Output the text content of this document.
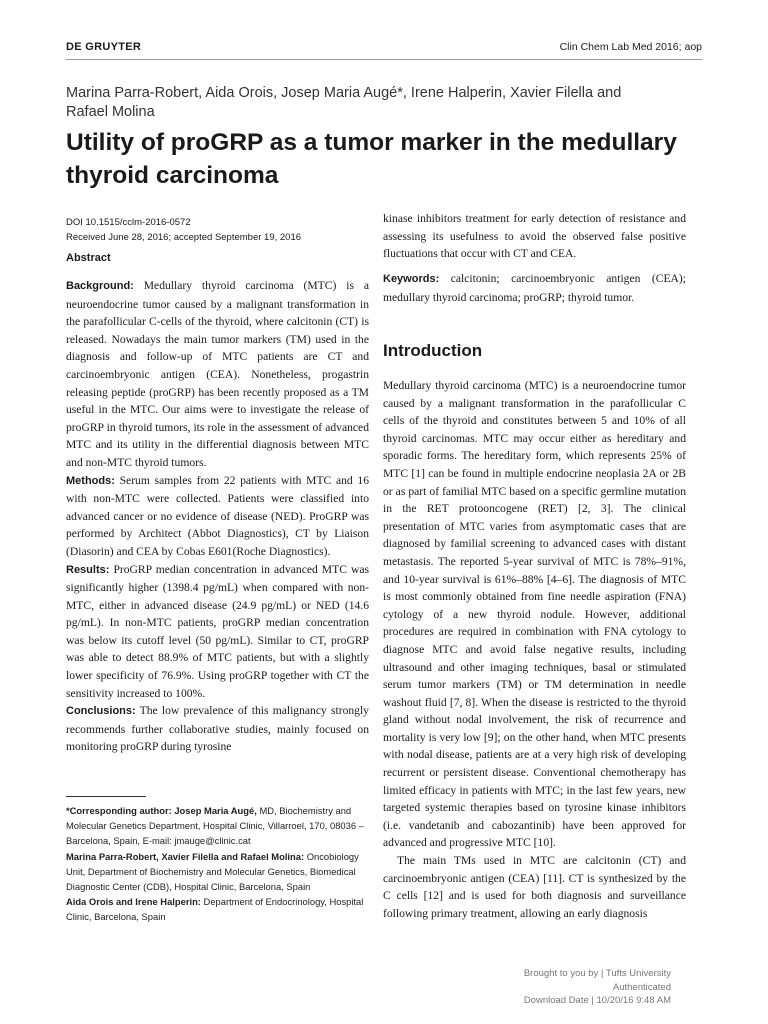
DE GRUYTER	Clin Chem Lab Med 2016; aop
Marina Parra-Robert, Aida Orois, Josep Maria Augé*, Irene Halperin, Xavier Filella and Rafael Molina
Utility of proGRP as a tumor marker in the medullary thyroid carcinoma
DOI 10.1515/cclm-2016-0572
Received June 28, 2016; accepted September 19, 2016
Abstract

Background: Medullary thyroid carcinoma (MTC) is a neuroendocrine tumor caused by a malignant transformation in the parafollicular C-cells of the thyroid, where calcitonin (CT) is released. Nowadays the main tumor markers (TM) used in the diagnosis and follow-up of MTC patients are CT and carcinoembryonic antigen (CEA). Nonetheless, progastrin releasing peptide (proGRP) has been recently proposed as a TM useful in the MTC. Our aims were to investigate the release of proGRP in thyroid tumors, its role in the assessment of advanced MTC and its utility in the differential diagnosis between MTC and non-MTC thyroid tumors.

Methods: Serum samples from 22 patients with MTC and 16 with non-MTC were collected. Patients were classified into advanced cancer or no evidence of disease (NED). ProGRP was performed by Architect (Abbot Diagnostics), CT by Liaison (Diasorin) and CEA by Cobas E601(Roche Diagnostics).

Results: ProGRP median concentration in advanced MTC was significantly higher (1398.4 pg/mL) when compared with non-MTC, either in advanced disease (24.9 pg/mL) or NED (14.6 pg/mL). In non-MTC patients, proGRP median concentration was below its cutoff level (50 pg/mL). Similar to CT, proGRP was able to detect 88.9% of MTC patients, but with a slightly lower specificity of 76.9%. Using proGRP together with CT the sensitivity increased to 100%.

Conclusions: The low prevalence of this malignancy strongly recommends further collaborative studies, mainly focused on monitoring proGRP during tyrosine

kinase inhibitors treatment for early detection of resistance and assessing its usefulness to avoid the observed false positive fluctuations that occur with CT and CEA.

Keywords: calcitonin; carcinoembryonic antigen (CEA); medullary thyroid carcinoma; proGRP; thyroid tumor.
Introduction

Medullary thyroid carcinoma (MTC) is a neuroendocrine tumor caused by a malignant transformation in the parafollicular C cells of the thyroid and constitutes between 5 and 10% of all thyroid carcinomas. MTC may occur either as hereditary and sporadic forms. The hereditary form, which represents 25% of MTC [1] can be found in multiple endocrine neoplasia 2A or 2B or as part of familial MTC based on a specific germline mutation in the RET protooncogene (RET) [2, 3]. The clinical presentation of MTC varies from asymptomatic cases that are diagnosed by familial screening to advanced cases with distant metastasis. The reported 5-year survival of MTC is 78%–91%, and 10-year survival is 61%–88% [4–6]. The diagnosis of MTC is most commonly obtained from fine needle aspiration (FNA) cytology of a new thyroid nodule. However, additional procedures are required in combination with FNA cytology to diagnose MTC and avoid false negative results, including ultrasound and other imaging techniques, basal or stimulated serum tumor markers (TM) or TM determination in needle washout fluid [7, 8]. When the disease is restricted to the thyroid gland without nodal involvement, the risk of recurrence and mortality is very low [9]; on the other hand, when MTC presents with nodal disease, patients are at a very high risk of developing recurrent or persistent disease. Conventional chemotherapy has limited efficacy in patients with MTC; in the last few years, new targeted systemic therapies based on tyrosine kinase inhibitors (i.e. vandetanib and cabozantinib) have been approved for advanced and progressive MTC [10].

The main TMs used in MTC are calcitonin (CT) and carcinoembryonic antigen (CEA) [11]. CT is synthesized by the C cells [12] and is used for both diagnosis and surveillance following primary treatment, allowing an early diagnosis

*Corresponding author: Josep Maria Augé, MD, Biochemistry and Molecular Genetics Department, Hospital Clinic, Villarroel, 170, 08036 – Barcelona, Spain, E-mail: jmauge@clinic.cat

Marina Parra-Robert, Xavier Filella and Rafael Molina: Oncobiology Unit, Department of Biochemistry and Molecular Genetics, Biomedical Diagnostic Center (CDB), Hospital Clinic, Barcelona, Spain

Aida Orois and Irene Halperin: Department of Endocrinology, Hospital Clinic, Barcelona, Spain

Brought to you by | Tufts University
Authenticated
Download Date | 10/20/16 9:48 AM
